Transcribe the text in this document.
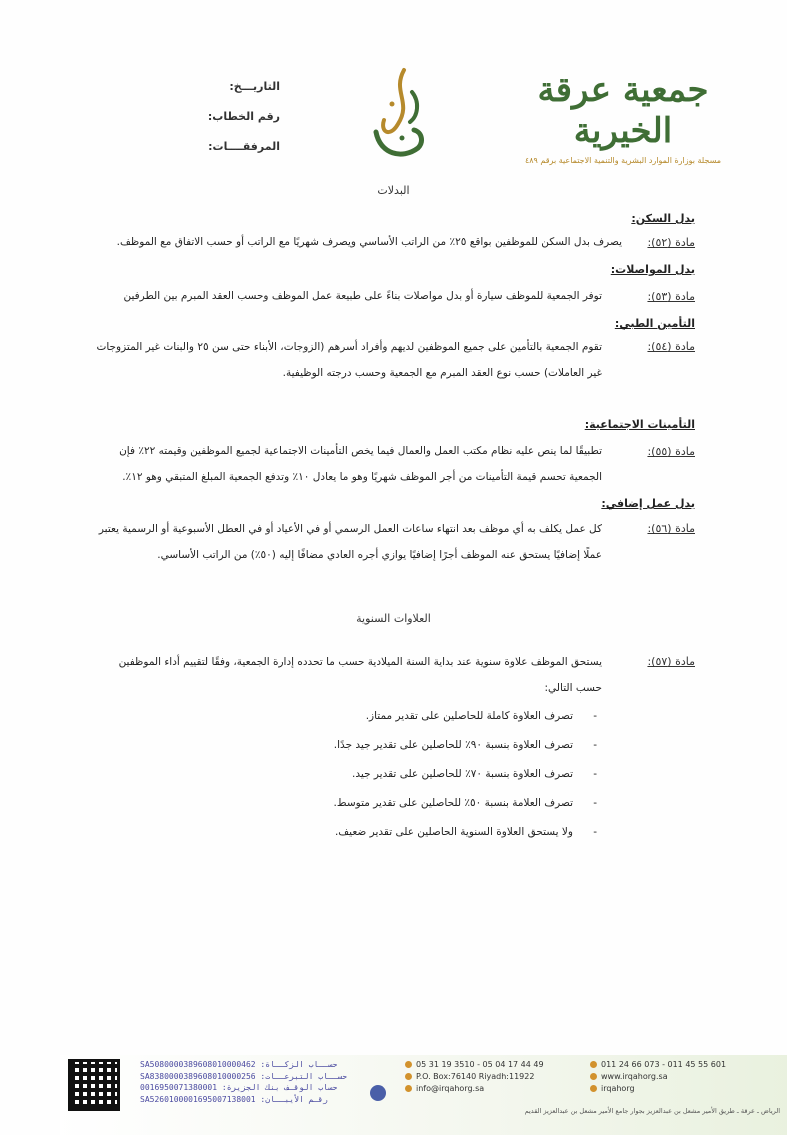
جمعية عرقة الخيرية
مسجلة بوزارة الموارد البشرية والتنمية الاجتماعية برقم ٤٨٩
التاريـــخ:
رقم الخطاب:
المرفقــــات:
البدلات
بدل السكن:
مادة (٥٢):
يصرف بدل السكن للموظفين بواقع ٢٥٪ من الراتب الأساسي ويصرف شهريًا مع الراتب أو حسب الاتفاق مع الموظف.
بدل المواصلات:
مادة (٥٣):
توفر الجمعية للموظف سيارة أو بدل مواصلات بناءً على طبيعة عمل الموظف وحسب العقد المبرم بين الطرفين
التأمين الطبي:
مادة (٥٤):
تقوم الجمعية بالتأمين على جميع الموظفين لديهم وأفراد أسرهم (الزوجات، الأبناء حتى سن ٢٥ والبنات غير المتزوجات غير العاملات) حسب نوع العقد المبرم مع الجمعية وحسب درجته الوظيفية.
التأمينات الاجتماعية:
مادة (٥٥):
تطبيقًا لما ينص عليه نظام مكتب العمل والعمال فيما يخص التأمينات الاجتماعية لجميع الموظفين وقيمته ٢٢٪ فإن الجمعية تحسم قيمة التأمينات من أجر الموظف شهريًا وهو ما يعادل ١٠٪ وتدفع الجمعية المبلغ المتبقي وهو ١٢٪.
بدل عمل إضافي:
مادة (٥٦):
كل عمل يكلف به أي موظف بعد انتهاء ساعات العمل الرسمي أو في الأعياد أو في العطل الأسبوعية أو الرسمية يعتبر عملًا إضافيًا يستحق عنه الموظف أجرًا إضافيًا يوازي أجره العادي مضافًا إليه (٥٠٪) من الراتب الأساسي.
العلاوات السنوية
مادة (٥٧):
يستحق الموظف علاوة سنوية عند بداية السنة الميلادية حسب ما تحدده إدارة الجمعية، وفقًا لتقييم أداء الموظفين حسب التالي:
- تصرف العلاوة كاملة للحاصلين على تقدير ممتاز.
- تصرف العلاوة بنسبة ٩٠٪ للحاصلين على تقدير جيد جدًا.
- تصرف العلاوة بنسبة ٧٠٪ للحاصلين على تقدير جيد.
- تصرف العلامة بنسبة ٥٠٪ للحاصلين على تقدير متوسط.
- ولا يستحق العلاوة السنوية الحاصلين على تقدير ضعيف.
SA5080000389608010000462 :حســاب الزكــاة
SA8380000389608010000256 :حســاب التبرعــات
0016950071380001 :حساب الوقـف بنك الجزيرة
SA5260100001695007138001 :رقـم الأيبــان
05 31 19 3510 - 05 04 17 44 49
P.O. Box:76140 Riyadh:11922
info@irqahorg.sa
011 24 66 073 - 011 45 55 601
www.irqahorg.sa
irqahorg
الرياض ـ عرقة ـ طريق الأمير مشعل بن عبدالعزيز بجوار جامع الأمير مشعل بن عبدالعزيز القديم
